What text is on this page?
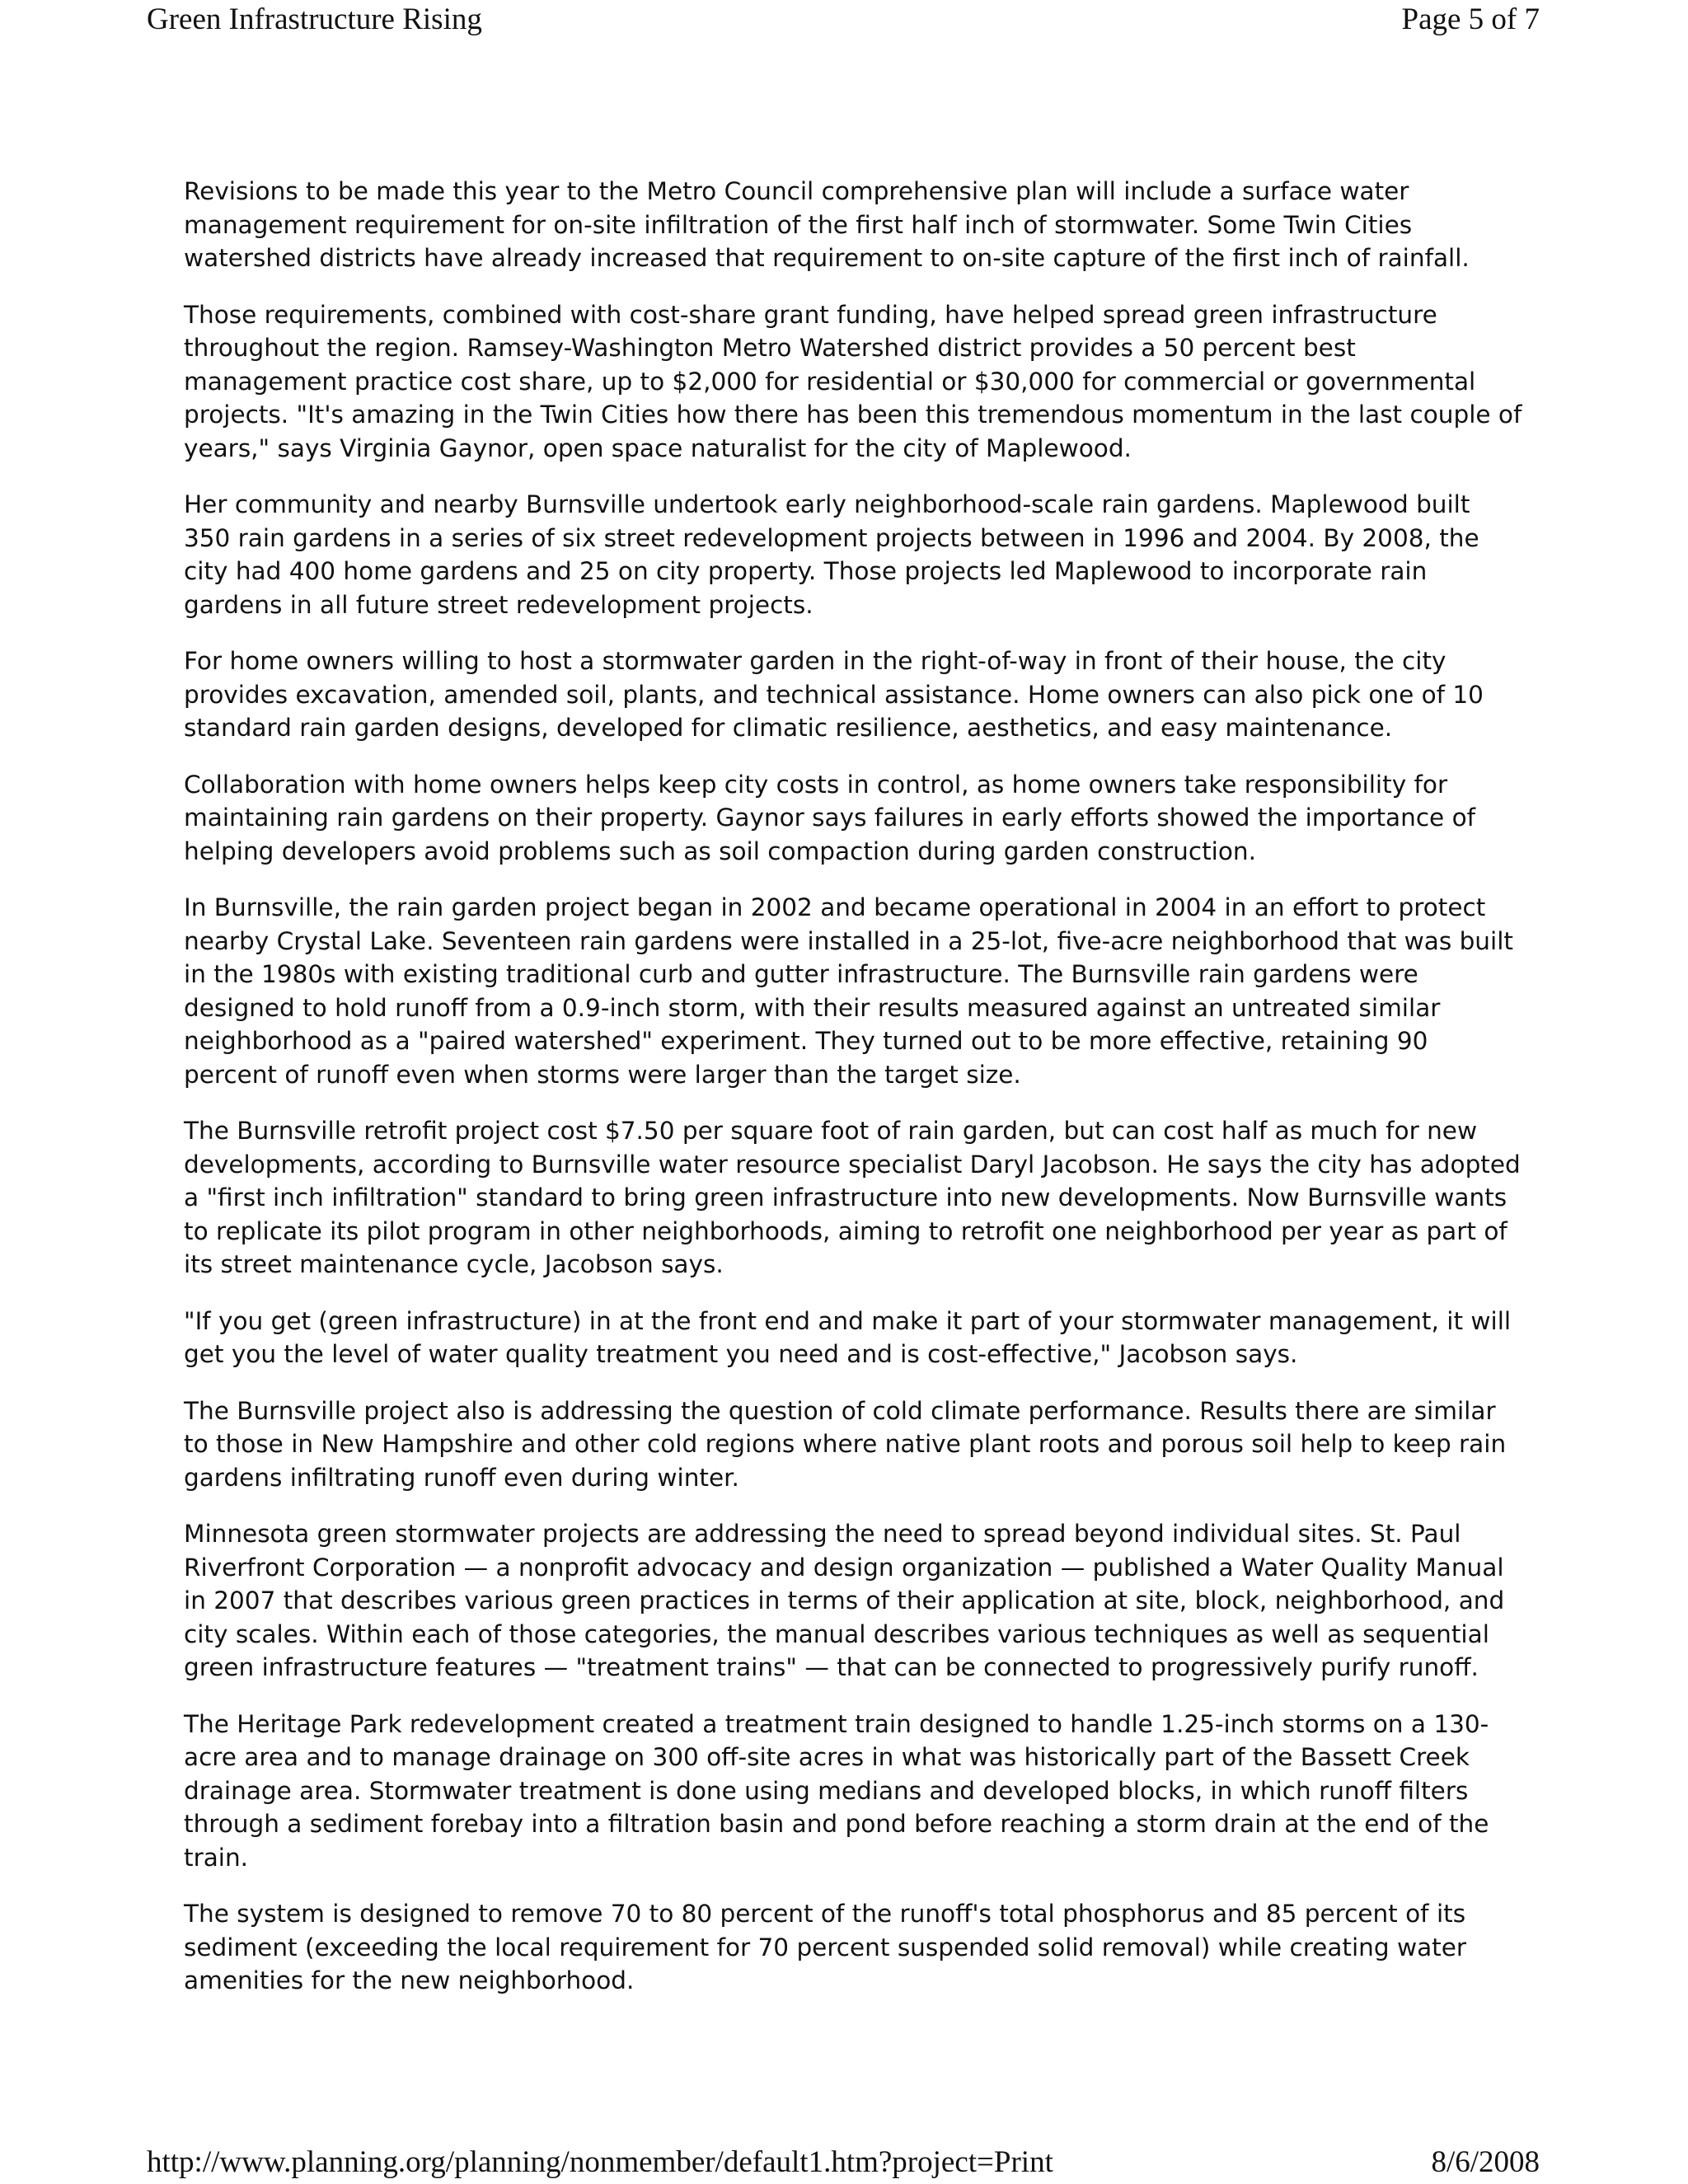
Green Infrastructure Rising	Page 5 of 7

Revisions to be made this year to the Metro Council comprehensive plan will include a surface water management requirement for on-site infiltration of the first half inch of stormwater. Some Twin Cities watershed districts have already increased that requirement to on-site capture of the first inch of rainfall.

Those requirements, combined with cost-share grant funding, have helped spread green infrastructure throughout the region. Ramsey-Washington Metro Watershed district provides a 50 percent best management practice cost share, up to $2,000 for residential or $30,000 for commercial or governmental projects. "It's amazing in the Twin Cities how there has been this tremendous momentum in the last couple of years," says Virginia Gaynor, open space naturalist for the city of Maplewood.

Her community and nearby Burnsville undertook early neighborhood-scale rain gardens. Maplewood built 350 rain gardens in a series of six street redevelopment projects between in 1996 and 2004. By 2008, the city had 400 home gardens and 25 on city property. Those projects led Maplewood to incorporate rain gardens in all future street redevelopment projects.

For home owners willing to host a stormwater garden in the right-of-way in front of their house, the city provides excavation, amended soil, plants, and technical assistance. Home owners can also pick one of 10 standard rain garden designs, developed for climatic resilience, aesthetics, and easy maintenance.

Collaboration with home owners helps keep city costs in control, as home owners take responsibility for maintaining rain gardens on their property. Gaynor says failures in early efforts showed the importance of helping developers avoid problems such as soil compaction during garden construction.

In Burnsville, the rain garden project began in 2002 and became operational in 2004 in an effort to protect nearby Crystal Lake. Seventeen rain gardens were installed in a 25-lot, five-acre neighborhood that was built in the 1980s with existing traditional curb and gutter infrastructure. The Burnsville rain gardens were designed to hold runoff from a 0.9-inch storm, with their results measured against an untreated similar neighborhood as a "paired watershed" experiment. They turned out to be more effective, retaining 90 percent of runoff even when storms were larger than the target size.

The Burnsville retrofit project cost $7.50 per square foot of rain garden, but can cost half as much for new developments, according to Burnsville water resource specialist Daryl Jacobson. He says the city has adopted a "first inch infiltration" standard to bring green infrastructure into new developments. Now Burnsville wants to replicate its pilot program in other neighborhoods, aiming to retrofit one neighborhood per year as part of its street maintenance cycle, Jacobson says.

"If you get (green infrastructure) in at the front end and make it part of your stormwater management, it will get you the level of water quality treatment you need and is cost-effective," Jacobson says.

The Burnsville project also is addressing the question of cold climate performance. Results there are similar to those in New Hampshire and other cold regions where native plant roots and porous soil help to keep rain gardens infiltrating runoff even during winter.

Minnesota green stormwater projects are addressing the need to spread beyond individual sites. St. Paul Riverfront Corporation — a nonprofit advocacy and design organization — published a Water Quality Manual in 2007 that describes various green practices in terms of their application at site, block, neighborhood, and city scales. Within each of those categories, the manual describes various techniques as well as sequential green infrastructure features — "treatment trains" — that can be connected to progressively purify runoff.

The Heritage Park redevelopment created a treatment train designed to handle 1.25-inch storms on a 130-acre area and to manage drainage on 300 off-site acres in what was historically part of the Bassett Creek drainage area. Stormwater treatment is done using medians and developed blocks, in which runoff filters through a sediment forebay into a filtration basin and pond before reaching a storm drain at the end of the train.

The system is designed to remove 70 to 80 percent of the runoff's total phosphorus and 85 percent of its sediment (exceeding the local requirement for 70 percent suspended solid removal) while creating water amenities for the new neighborhood.

http://www.planning.org/planning/nonmember/default1.htm?project=Print	8/6/2008
